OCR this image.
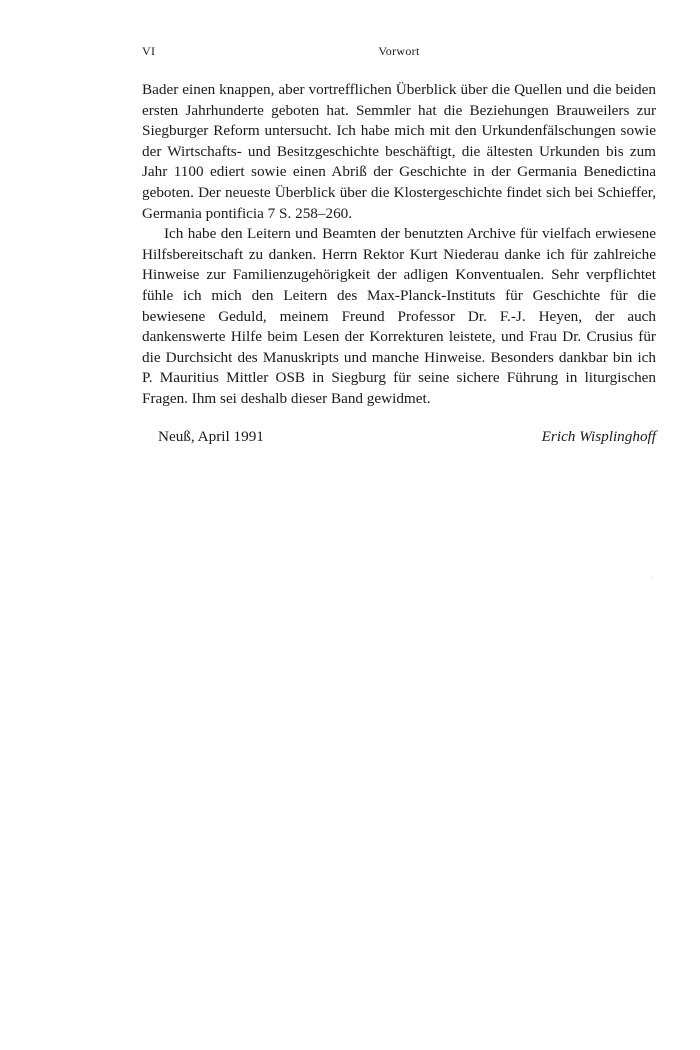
VI	Vorwort

Bader einen knappen, aber vortrefflichen Überblick über die Quellen und die beiden ersten Jahrhunderte geboten hat. Semmler hat die Beziehungen Brauweilers zur Siegburger Reform untersucht. Ich habe mich mit den Urkundenfälschungen sowie der Wirtschafts- und Besitzgeschichte beschäftigt, die ältesten Urkunden bis zum Jahr 1100 ediert sowie einen Abriß der Geschichte in der Germania Benedictina geboten. Der neueste Überblick über die Klostergeschichte findet sich bei Schieffer, Germania pontificia 7 S. 258–260.

Ich habe den Leitern und Beamten der benutzten Archive für vielfach erwiesene Hilfsbereitschaft zu danken. Herrn Rektor Kurt Niederau danke ich für zahlreiche Hinweise zur Familienzugehörigkeit der adligen Konventualen. Sehr verpflichtet fühle ich mich den Leitern des Max-Planck-Instituts für Geschichte für die bewiesene Geduld, meinem Freund Professor Dr. F.-J. Heyen, der auch dankenswerte Hilfe beim Lesen der Korrekturen leistete, und Frau Dr. Crusius für die Durchsicht des Manuskripts und manche Hinweise. Besonders dankbar bin ich P. Mauritius Mittler OSB in Siegburg für seine sichere Führung in liturgischen Fragen. Ihm sei deshalb dieser Band gewidmet.

Neuß, April 1991	Erich Wisplinghoff
